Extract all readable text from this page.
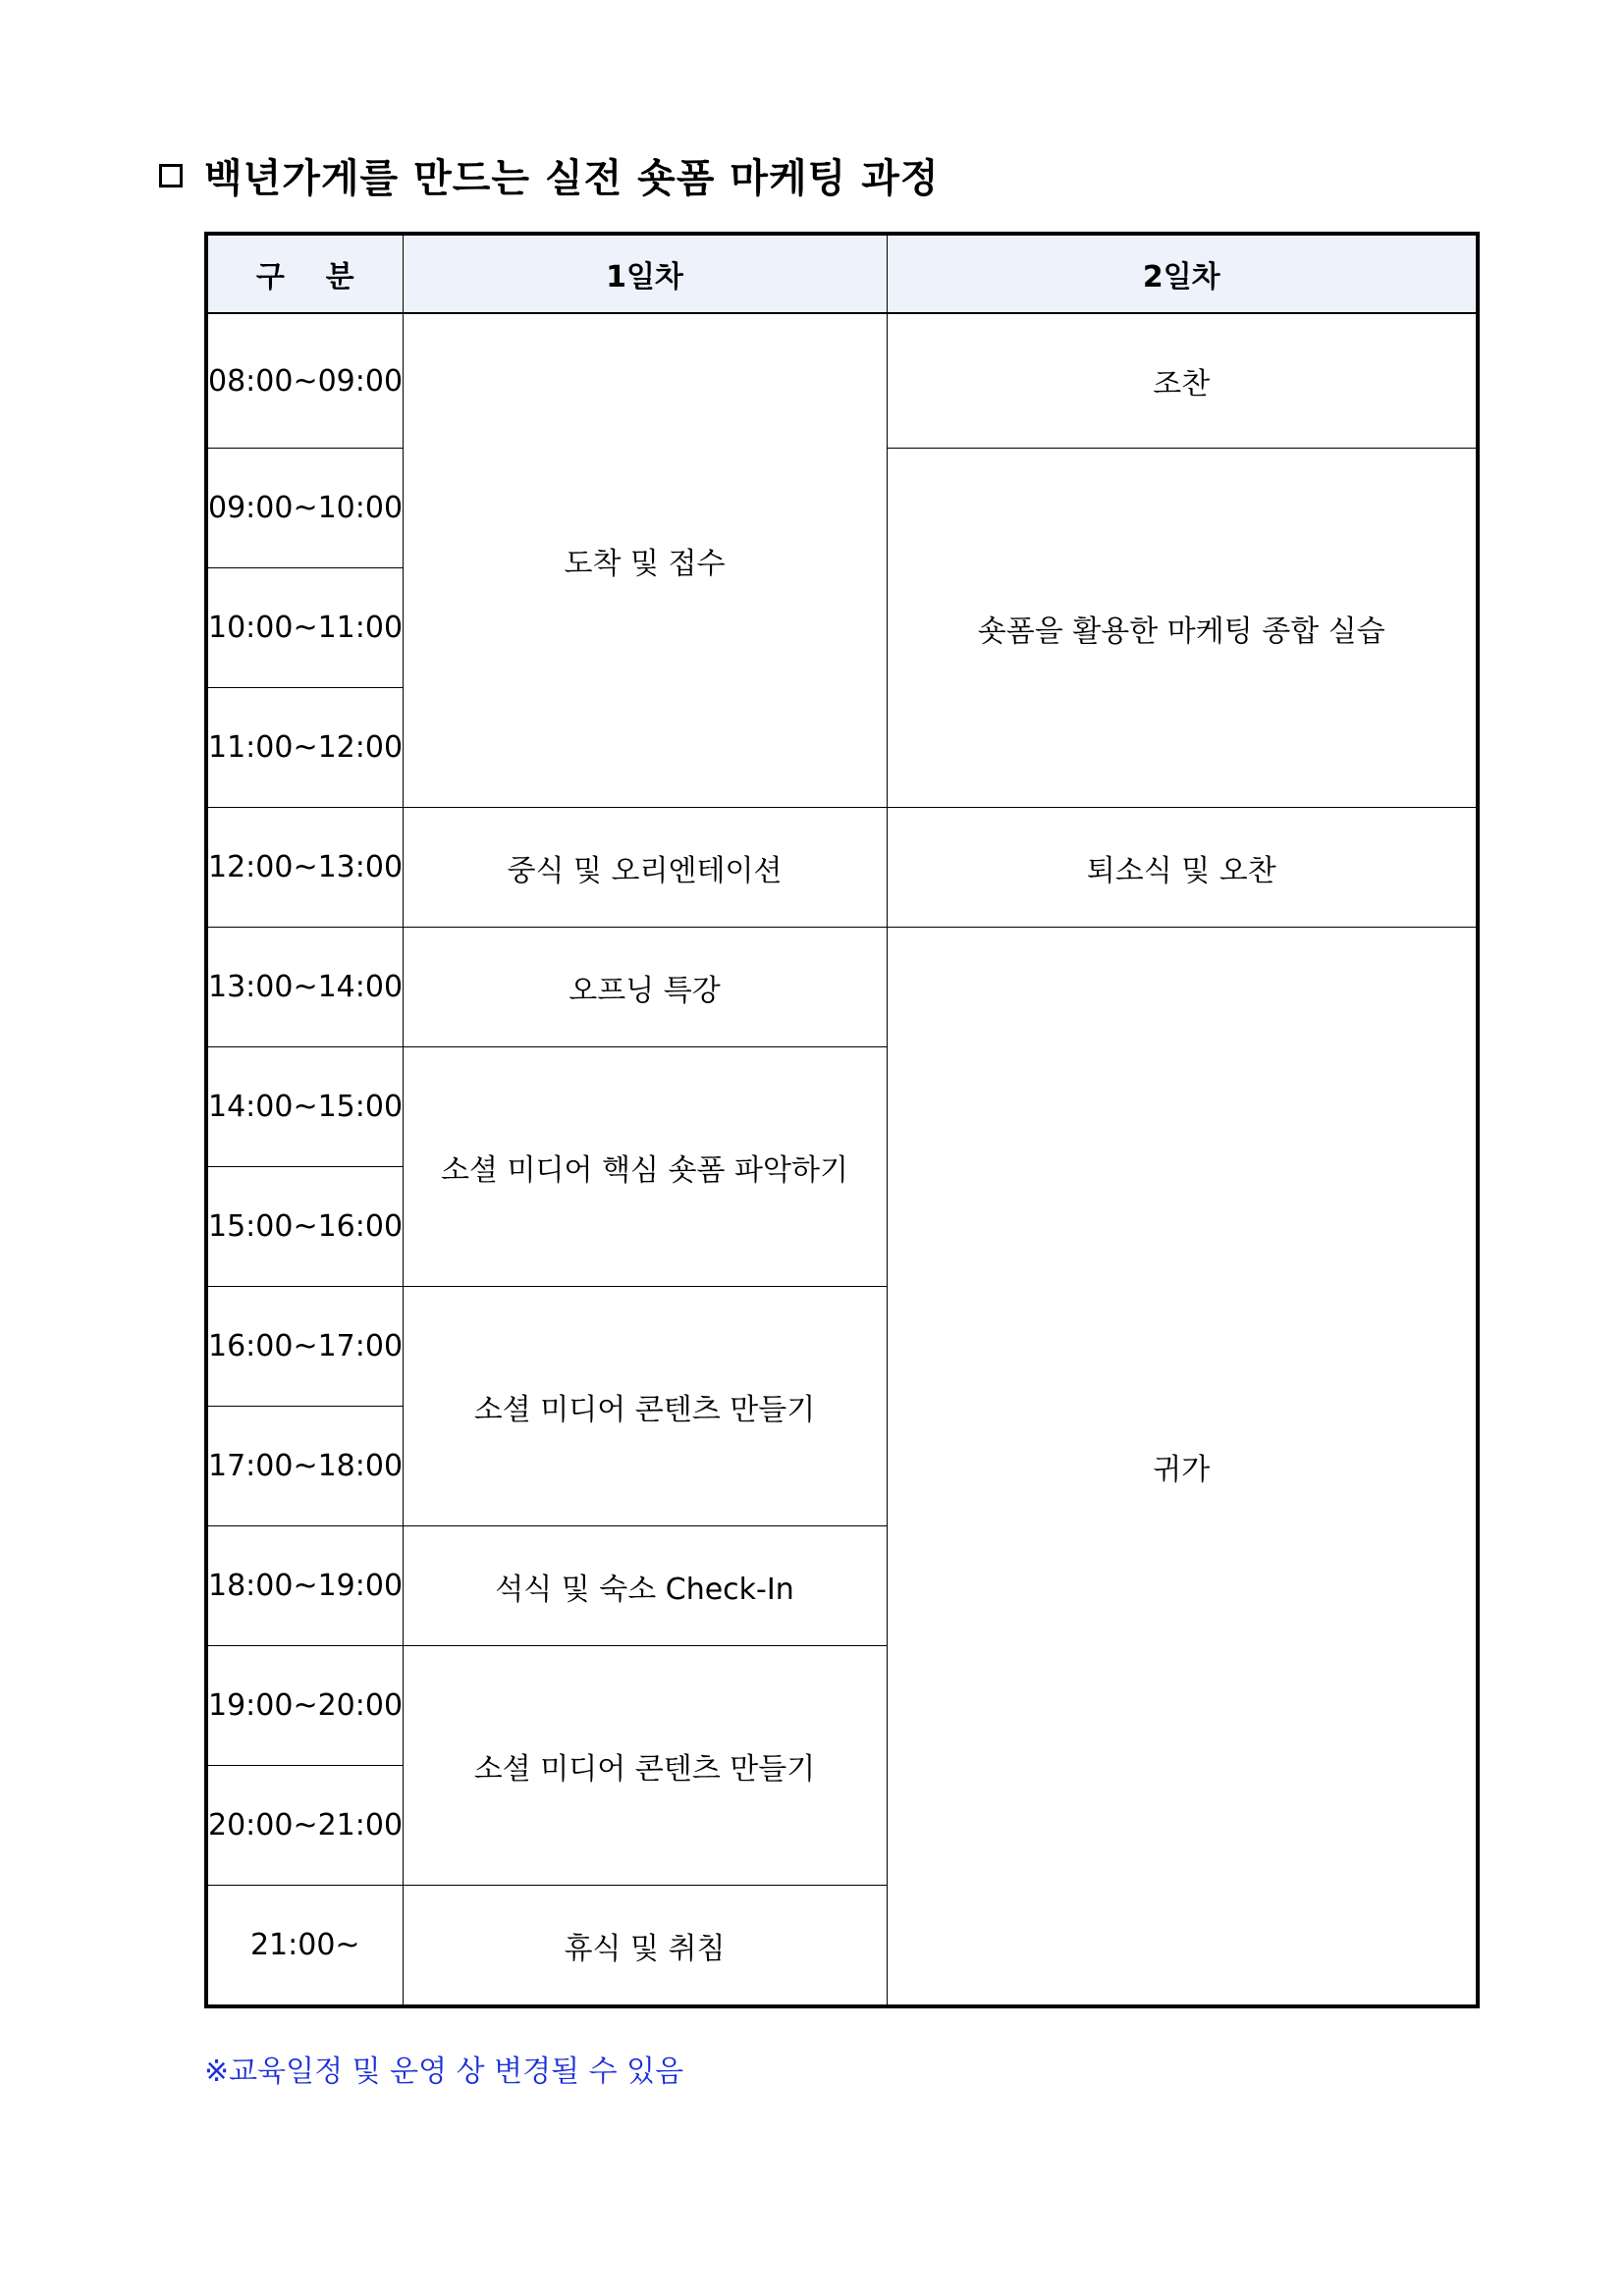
백년가게를 만드는 실전 숏폼 마케팅 과정
구    분	1일차	2일차
08:00~09:00	도착 및 접수	조찬
09:00~10:00		숏폼을 활용한 마케팅 종합 실습
10:00~11:00		
11:00~12:00		
12:00~13:00	중식 및 오리엔테이션	퇴소식 및 오찬
13:00~14:00	오프닝 특강	귀가
14:00~15:00	소셜 미디어 핵심 숏폼 파악하기	
15:00~16:00		
16:00~17:00	소셜 미디어 콘텐츠 만들기	
17:00~18:00		
18:00~19:00	석식 및 숙소 Check-In	
19:00~20:00	소셜 미디어 콘텐츠 만들기	
20:00~21:00		
21:00~	휴식 및 취침	
※교육일정 및 운영 상 변경될 수 있음
